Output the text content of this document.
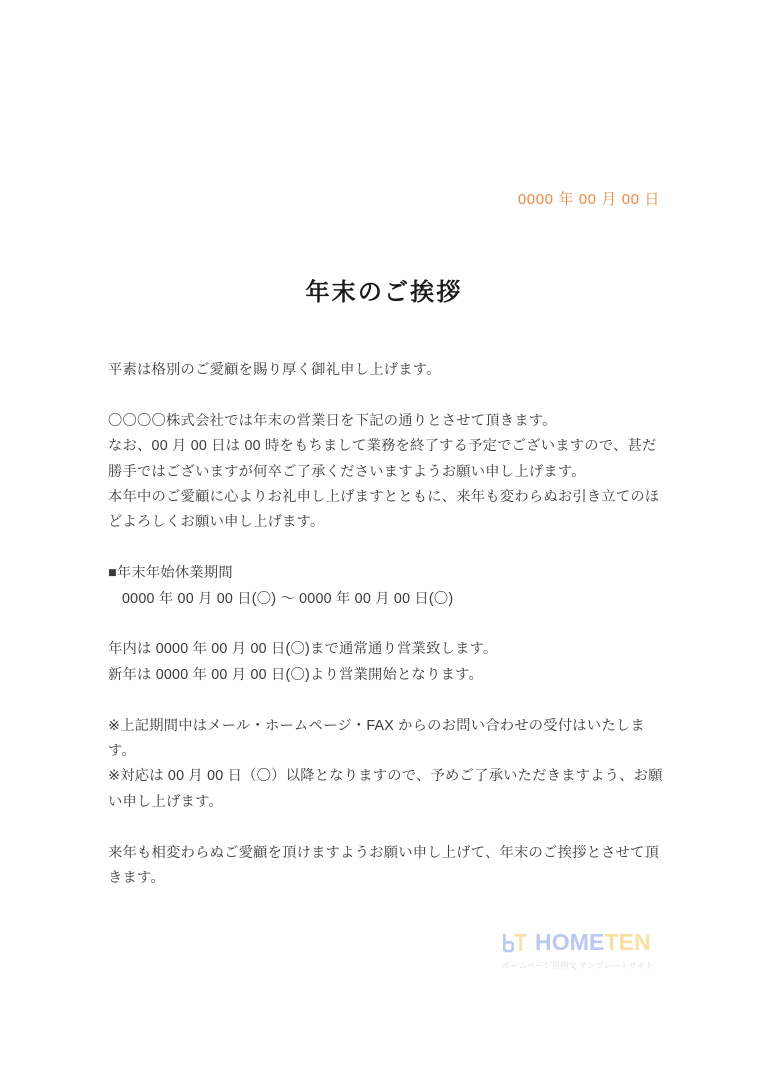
0000 年 00 月 00 日
年末のご挨拶

平素は格別のご愛顧を賜り厚く御礼申し上げます。

〇〇〇〇株式会社では年末の営業日を下記の通りとさせて頂きます。
なお、00 月 00 日は 00 時をもちまして業務を終了する予定でございますので、甚だ勝手ではございますが何卒ご了承くださいますようお願い申し上げます。
本年中のご愛顧に心よりお礼申し上げますとともに、来年も変わらぬお引き立てのほどよろしくお願い申し上げます。

■年末年始休業期間
0000 年 00 月 00 日(〇) 〜 0000 年 00 月 00 日(〇)

年内は 0000 年 00 月 00 日(〇)まで通常通り営業致します。
新年は 0000 年 00 月 00 日(〇)より営業開始となります。

※上記期間中はメール・ホームページ・FAX からのお問い合わせの受付はいたします。
※対応は 00 月 00 日（〇）以降となりますので、予めご了承いただきますよう、お願い申し上げます。

来年も相変わらぬご愛顧を頂けますようお願い申し上げて、年末のご挨拶とさせて頂きます。

HOMETEN
ホームページ用例文 テンプレートサイト
